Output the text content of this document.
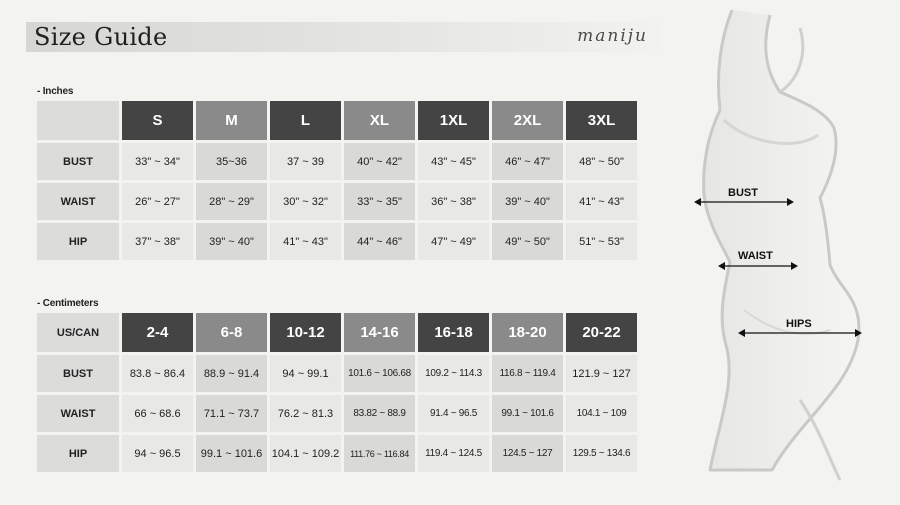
Size Guide	maniju
- Inches
	S	M	L	XL	1XL	2XL	3XL
BUST	33" ~ 34"	35~36	37 ~ 39	40" ~ 42"	43" ~ 45"	46" ~ 47"	48" ~ 50"
WAIST	26" ~ 27"	28" ~ 29"	30" ~ 32"	33" ~ 35"	36" ~ 38"	39" ~ 40"	41" ~ 43"
HIP	37" ~ 38"	39" ~ 40"	41" ~ 43"	44" ~ 46"	47" ~ 49"	49" ~ 50"	51" ~ 53"
- Centimeters
US/CAN	2-4	6-8	10-12	14-16	16-18	18-20	20-22
BUST	83.8 ~ 86.4	88.9 ~ 91.4	94 ~ 99.1	101.6 ~ 106.68	109.2 ~ 114.3	116.8 ~ 119.4	121.9 ~ 127
WAIST	66 ~ 68.6	71.1 ~ 73.7	76.2 ~ 81.3	83.82 ~ 88.9	91.4 ~ 96.5	99.1 ~ 101.6	104.1 ~ 109
HIP	94 ~ 96.5	99.1 ~ 101.6	104.1 ~ 109.2	111.76 ~ 116.84	119.4 ~ 124.5	124.5 ~ 127	129.5 ~ 134.6
BUST
WAIST
HIPS
